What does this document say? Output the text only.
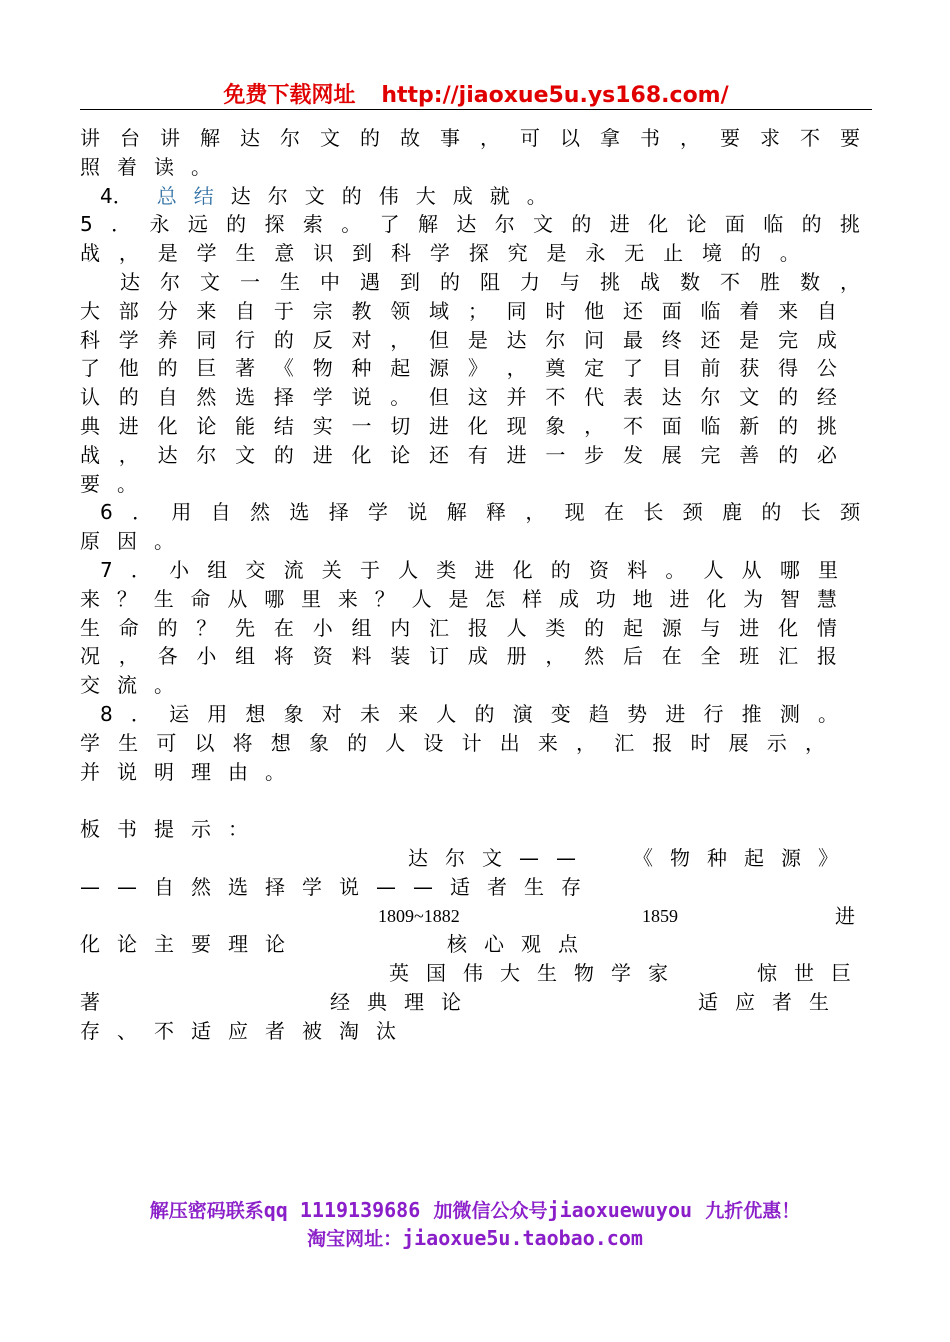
免费下载网址 http://jiaoxue5u.ys168.com/
讲 台 讲 解 达 尔 文 的 故 事 ， 可 以 拿 书 ， 要 求 不 要
照着读。
4． 总结 达尔文的伟大成就。
5 ． 永 远 的 探 索 。 了 解 达 尔 文 的 进 化 论 面 临 的 挑
战 ， 是 学 生 意 识 到 科 学 探 究 是 永 无 止 境 的 。
达 尔 文 一 生 中 遇 到 的 阻 力 与 挑 战 数 不 胜 数 ，
大 部 分 来 自 于 宗 教 领 域 ； 同 时 他 还 面 临 着 来 自
科 学 养 同 行 的 反 对 ， 但 是 达 尔 问 最 终 还 是 完 成
了 他 的 巨 著 《 物 种 起 源 》 ， 奠 定 了 目 前 获 得 公
认 的 自 然 选 择 学 说 。 但 这 并 不 代 表 达 尔 文 的 经
典 进 化 论 能 结 实 一 切 进 化 现 象 ， 不 面 临 新 的 挑
战 ， 达 尔 文 的 进 化 论 还 有 进 一 步 发 展 完 善 的 必
要。
6 ． 用 自 然 选 择 学 说 解 释 ， 现 在 长 颈 鹿 的 长 颈
原因。
7 ． 小 组 交 流 关 于 人 类 进 化 的 资 料 。 人 从 哪 里
来 ？ 生 命 从 哪 里 来 ？ 人 是 怎 样 成 功 地 进 化 为 智 慧
生 命 的 ？ 先 在 小 组 内 汇 报 人 类 的 起 源 与 进 化 情
况 ， 各 小 组 将 资 料 装 订 成 册 ， 然 后 在 全 班 汇 报
交流。
8 ． 运 用 想 象 对 未 来 人 的 演 变 趋 势 进 行 推 测 。
学 生 可 以 将 想 象 的 人 设 计 出 来 ， 汇 报 时 展 示 ，
并说明理由。
板书提示：
达尔文—— 《物种起源》
——自然选择学说——适者生存
1809~1882	1859	进
化论主要理论	核心观点
英国伟大生物学家	惊世巨
著	经典理论	适应者生
存、不适应者被淘汰
解压密码联系qq 1119139686 加微信公众号jiaoxuewuyou 九折优惠！
淘宝网址：jiaoxue5u.taobao.com
